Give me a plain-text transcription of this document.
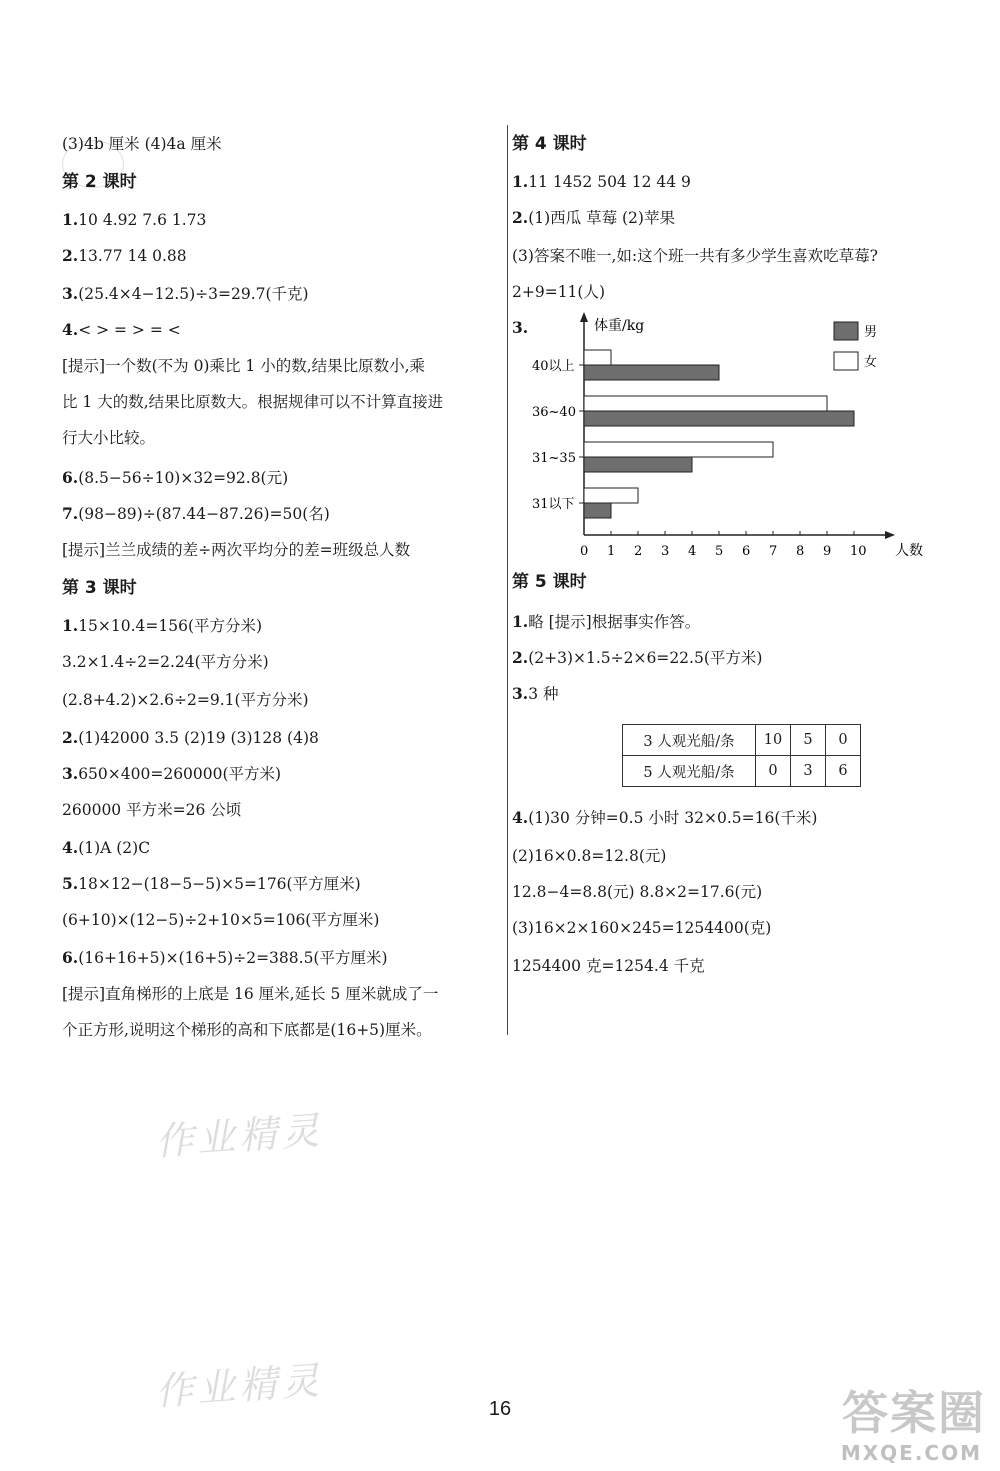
(3)4b 厘米 (4)4a 厘米
第 2 课时
1.10 4.92 7.6 1.73
2.13.77 14 0.88
3.(25.4×4−12.5)÷3=29.7(千克)
4.< > = > = <
[提示]一个数(不为 0)乘比 1 小的数,结果比原数小,乘
比 1 大的数,结果比原数大。根据规律可以不计算直接进
行大小比较。
6.(8.5−56÷10)×32=92.8(元)
7.(98−89)÷(87.44−87.26)=50(名)
[提示]兰兰成绩的差÷两次平均分的差=班级总人数
第 3 课时
1.15×10.4=156(平方分米)
3.2×1.4÷2=2.24(平方分米)
(2.8+4.2)×2.6÷2=9.1(平方分米)
2.(1)42000 3.5 (2)19 (3)128 (4)8
3.650×400=260000(平方米)
260000 平方米=26 公顷
4.(1)A (2)C
5.18×12−(18−5−5)×5=176(平方厘米)
(6+10)×(12−5)÷2+10×5=106(平方厘米)
6.(16+16+5)×(16+5)÷2=388.5(平方厘米)
[提示]直角梯形的上底是 16 厘米,延长 5 厘米就成了一
个正方形,说明这个梯形的高和下底都是(16+5)厘米。
体重/kg
人数
0 1 2 3 4 5 6 7 8 9 10
40以上
36~40
31~35
31以下
男
女
3 人观光船/条	10	5	0
5 人观光船/条	0	3	6
第 4 课时
1.11 1452 504 12 44 9
2.(1)西瓜 草莓 (2)苹果
(3)答案不唯一,如:这个班一共有多少学生喜欢吃草莓?
2+9=11(人)
3.
第 5 课时
1.略 [提示]根据事实作答。
2.(2+3)×1.5÷2×6=22.5(平方米)
3.3 种
4.(1)30 分钟=0.5 小时 32×0.5=16(千米)
(2)16×0.8=12.8(元)
12.8−4=8.8(元) 8.8×2=17.6(元)
(3)16×2×160×245=1254400(克)
1254400 克=1254.4 千克
作业精灵
作业精灵	16	答案圈
MXQE.COM
